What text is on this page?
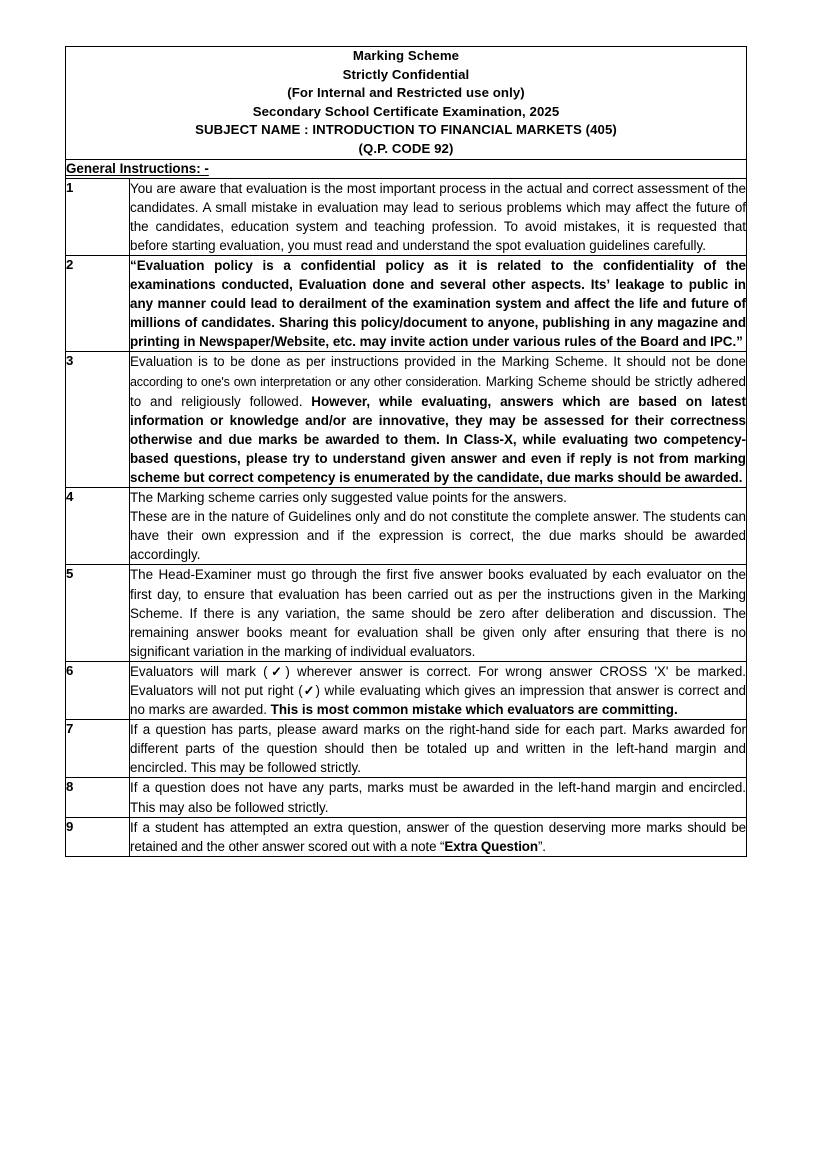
Marking Scheme
Strictly Confidential
(For Internal and Restricted use only)
Secondary School Certificate Examination, 2025
SUBJECT NAME : INTRODUCTION TO FINANCIAL MARKETS (405)
(Q.P. CODE 92)

General Instructions: -	
1	You are aware that evaluation is the most important process in the actual and correct assessment of the candidates. A small mistake in evaluation may lead to serious problems which may affect the future of the candidates, education system and teaching profession. To avoid mistakes, it is requested that before starting evaluation, you must read and understand the spot evaluation guidelines carefully.

2	“Evaluation policy is a confidential policy as it is related to the confidentiality of the examinations conducted, Evaluation done and several other aspects. Its’ leakage to public in any manner could lead to derailment of the examination system and affect the life and future of millions of candidates. Sharing this policy/document to anyone, publishing in any magazine and printing in Newspaper/Website, etc. may invite action under various rules of the Board and IPC.”

3	Evaluation is to be done as per instructions provided in the Marking Scheme. It should not be done according to one's own interpretation or any other consideration. Marking Scheme should be strictly adhered to and religiously followed. However, while evaluating, answers which are based on latest information or knowledge and/or are innovative, they may be assessed for their correctness otherwise and due marks be awarded to them. In Class-X, while evaluating two competency-based questions, please try to understand given answer and even if reply is not from marking scheme but correct competency is enumerated by the candidate, due marks should be awarded.

4	The Marking scheme carries only suggested value points for the answers.

These are in the nature of Guidelines only and do not constitute the complete answer. The students can have their own expression and if the expression is correct, the due marks should be awarded accordingly.

5	The Head-Examiner must go through the first five answer books evaluated by each evaluator on the first day, to ensure that evaluation has been carried out as per the instructions given in the Marking Scheme. If there is any variation, the same should be zero after deliberation and discussion. The remaining answer books meant for evaluation shall be given only after ensuring that there is no significant variation in the marking of individual evaluators.

6	Evaluators will mark (✓) wherever answer is correct. For wrong answer CROSS 'X' be marked. Evaluators will not put right (✓) while evaluating which gives an impression that answer is correct and no marks are awarded. This is most common mistake which evaluators are committing.

7	If a question has parts, please award marks on the right-hand side for each part. Marks awarded for different parts of the question should then be totaled up and written in the left-hand margin and encircled. This may be followed strictly.

8	If a question does not have any parts, marks must be awarded in the left-hand margin and encircled. This may also be followed strictly.

9	If a student has attempted an extra question, answer of the question deserving more marks should be retained and the other answer scored out with a note “Extra Question”.
